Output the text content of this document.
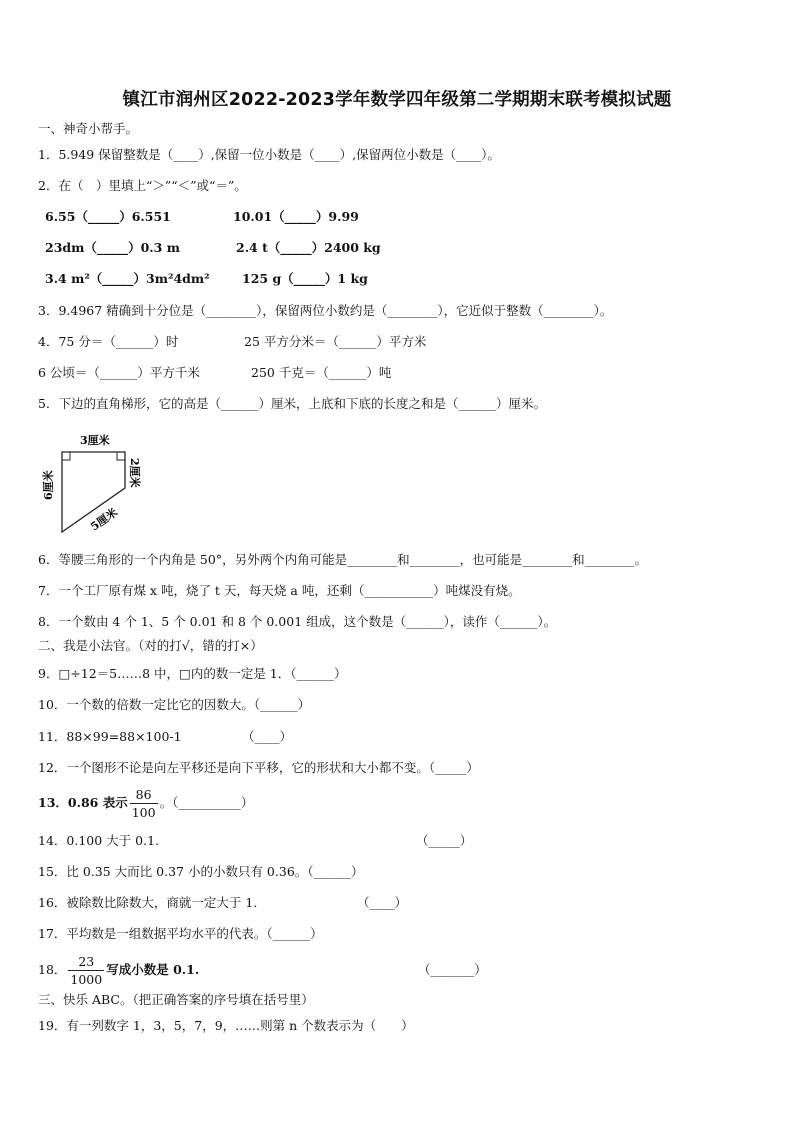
镇江市润州区2022-2023学年数学四年级第二学期期末联考模拟试题
一、神奇小帮手。
1．5.949 保留整数是（____）,保留一位小数是（____）,保留两位小数是（____）。
2．在（　）里填上“＞”“＜”或“＝”。
6.55（_____）6.551	10.01（_____）9.99
23dm（_____）0.3 m	2.4 t（_____）2400 kg
3.4 m²（_____）3m²4dm²	125 g（_____）1 kg
3．9.4967 精确到十分位是（________），保留两位小数约是（________），它近似于整数（________）。
4．75 分＝（______）时	25 平方分米＝（______）平方米
6 公顷＝（______）平方千米	250 千克＝（______）吨
5．下边的直角梯形，它的高是（______）厘米，上底和下底的长度之和是（______）厘米。
3厘米
6厘米	2厘米
5厘米
6．等腰三角形的一个内角是 50°，另外两个内角可能是________和________，也可能是________和________。
7．一个工厂原有煤 x 吨，烧了 t 天，每天烧 a 吨，还剩（___________）吨煤没有烧。
8．一个数由 4 个 1、5 个 0.01 和 8 个 0.001 组成，这个数是（______），读作（______）。
二、我是小法官。（对的打√，错的打×）
9．□÷12＝5……8 中，□内的数一定是 1．（______）
10．一个数的倍数一定比它的因数大。（______）
11．88×99=88×100-1	（____）
12．一个图形不论是向左平移还是向下平移，它的形状和大小都不变。（_____）
13．0.86 表示 $\frac{86}{100}$ 。（__________）
14．0.100 大于 0.1.	（_____）
15．比 0.35 大而比 0.37 小的小数只有 0.36。（______）
16．被除数比除数大，商就一定大于 1.	（____）
17．平均数是一组数据平均水平的代表。（______）
18． $\frac{23}{1000}$ 写成小数是 0.1.	（_______）
三、快乐 ABC。（把正确答案的序号填在括号里）
19．有一列数字 1，3，5，7，9，……则第 n 个数表示为（　　）
